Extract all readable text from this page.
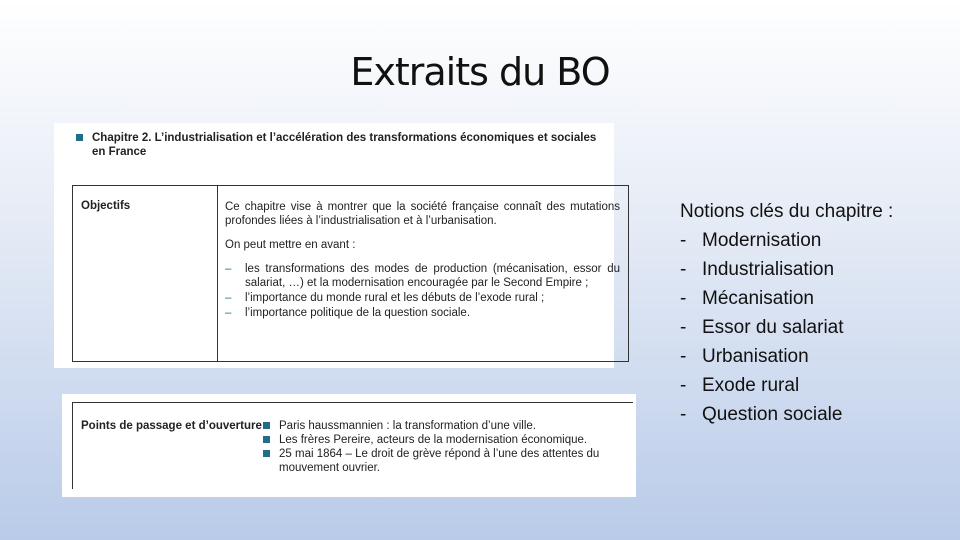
Extraits du BO
Chapitre 2. L’industrialisation et l’accélération des transformations économiques et sociales en France
Objectifs	Ce chapitre vise à montrer que la société française connaît des mutations profondes liées à l’industrialisation et à l’urbanisation.

On peut mettre en avant :

– les transformations des modes de production (mécanisation, essor du salariat, …) et la modernisation encouragée par le Second Empire ;
– l’importance du monde rural et les débuts de l’exode rural ;
– l’importance politique de la question sociale.
Points de passage et d’ouverture	Paris haussmannien : la transformation d’une ville.
Les frères Pereire, acteurs de la modernisation économique.
25 mai 1864 – Le droit de grève répond à l’une des attentes du mouvement ouvrier.
Notions clés du chapitre :
- Modernisation
- Industrialisation
- Mécanisation
- Essor du salariat
- Urbanisation
- Exode rural
- Question sociale
